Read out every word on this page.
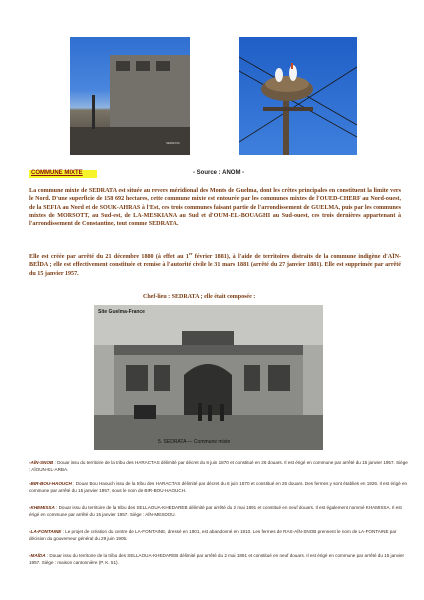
SEDRATA
COMMUNE MIXTE	- Source : ANOM -
La commune mixte de SEDRATA est située au revers méridional des Monts de Guelma, dont les crêtes principales en constituent la limite vers le Nord. D'une superficie de 158 692 hectares, cette commune mixte est entourée par les communes mixtes de l'OUED-CHERF au Nord-ouest, de la SEFIA au Nord et de SOUK-AHRAS à l'Est, ces trois communes faisant partie de l'arrondissement de GUELMA, puis par les communes mixtes de MORSOTT, au Sud-est, de LA-MESKIANA au Sud et d'OUM-EL-BOUAGHI au Sud-ouest, ces trois dernières appartenant à l'arrondissement de Constantine, tout comme SEDRATA.
Elle est créée par arrêté du 21 décembre 1880 (à effet au 1er février 1881), à l'aide de territoires distraits de la commune indigène d'AÏN-BEÏDA ; elle est effectivement constituée et remise à l'autorité civile le 31 mars 1881 (arrêté du 27 janvier 1881). Elle est supprimée par arrêté du 15 janvier 1957.
Chef-lieu : SEDRATA ; elle était composée :
Site Guelma-France
5. SEDRATA — Commune mixte
-AÏN-SNOB : Douar issu du territoire de la tribu des HARACTAS délimité par décret du 8 juin 1870 et constitué en 26 douars. Il est érigé en commune par arrêté du 15 janvier 1957. Siège : AÏOUN-EL-ARBA.
-BIR-BOU-HAOUCH : Douar Bou Haouch issu de la tribu des HARACTAS délimité par décret du 8 juin 1870 et constitué en 26 douars. Des fermes y sont établies en 1926. Il est érigé en commune par arrêté du 15 janvier 1957, sous le nom de BIR-BOU-HAOUCH.
-KHEMISSA : Douar issu du territoire de la tribu des SELLAOUA-KHEDAREB délimité par arrêté du 2 mai 1891 et constitué en neuf douars. Il est également nommé KHAMISSA. Il est érigé en commune par arrêté du 15 janvier 1957. Siège : AÏN-MESDOU.
-LA-FONTAINE : Le projet de création du centre de LA-FONTAINE, dressé en 1901, est abandonné en 1910. Les fermes de RAS-AÏN-SNOB prennent le nom de LA-FONTAINE par décision du gouverneur général du 29 juin 1905.
-MAÏDA : Douar issu du territoire de la tribu des SELLAOUA-KHEDAREB délimité par arrêté du 2 mai 1891 et constitué en neuf douars. Il est érigé en commune par arrêté du 15 janvier 1957. Siège : maison cantonnière (P. K. 51).
